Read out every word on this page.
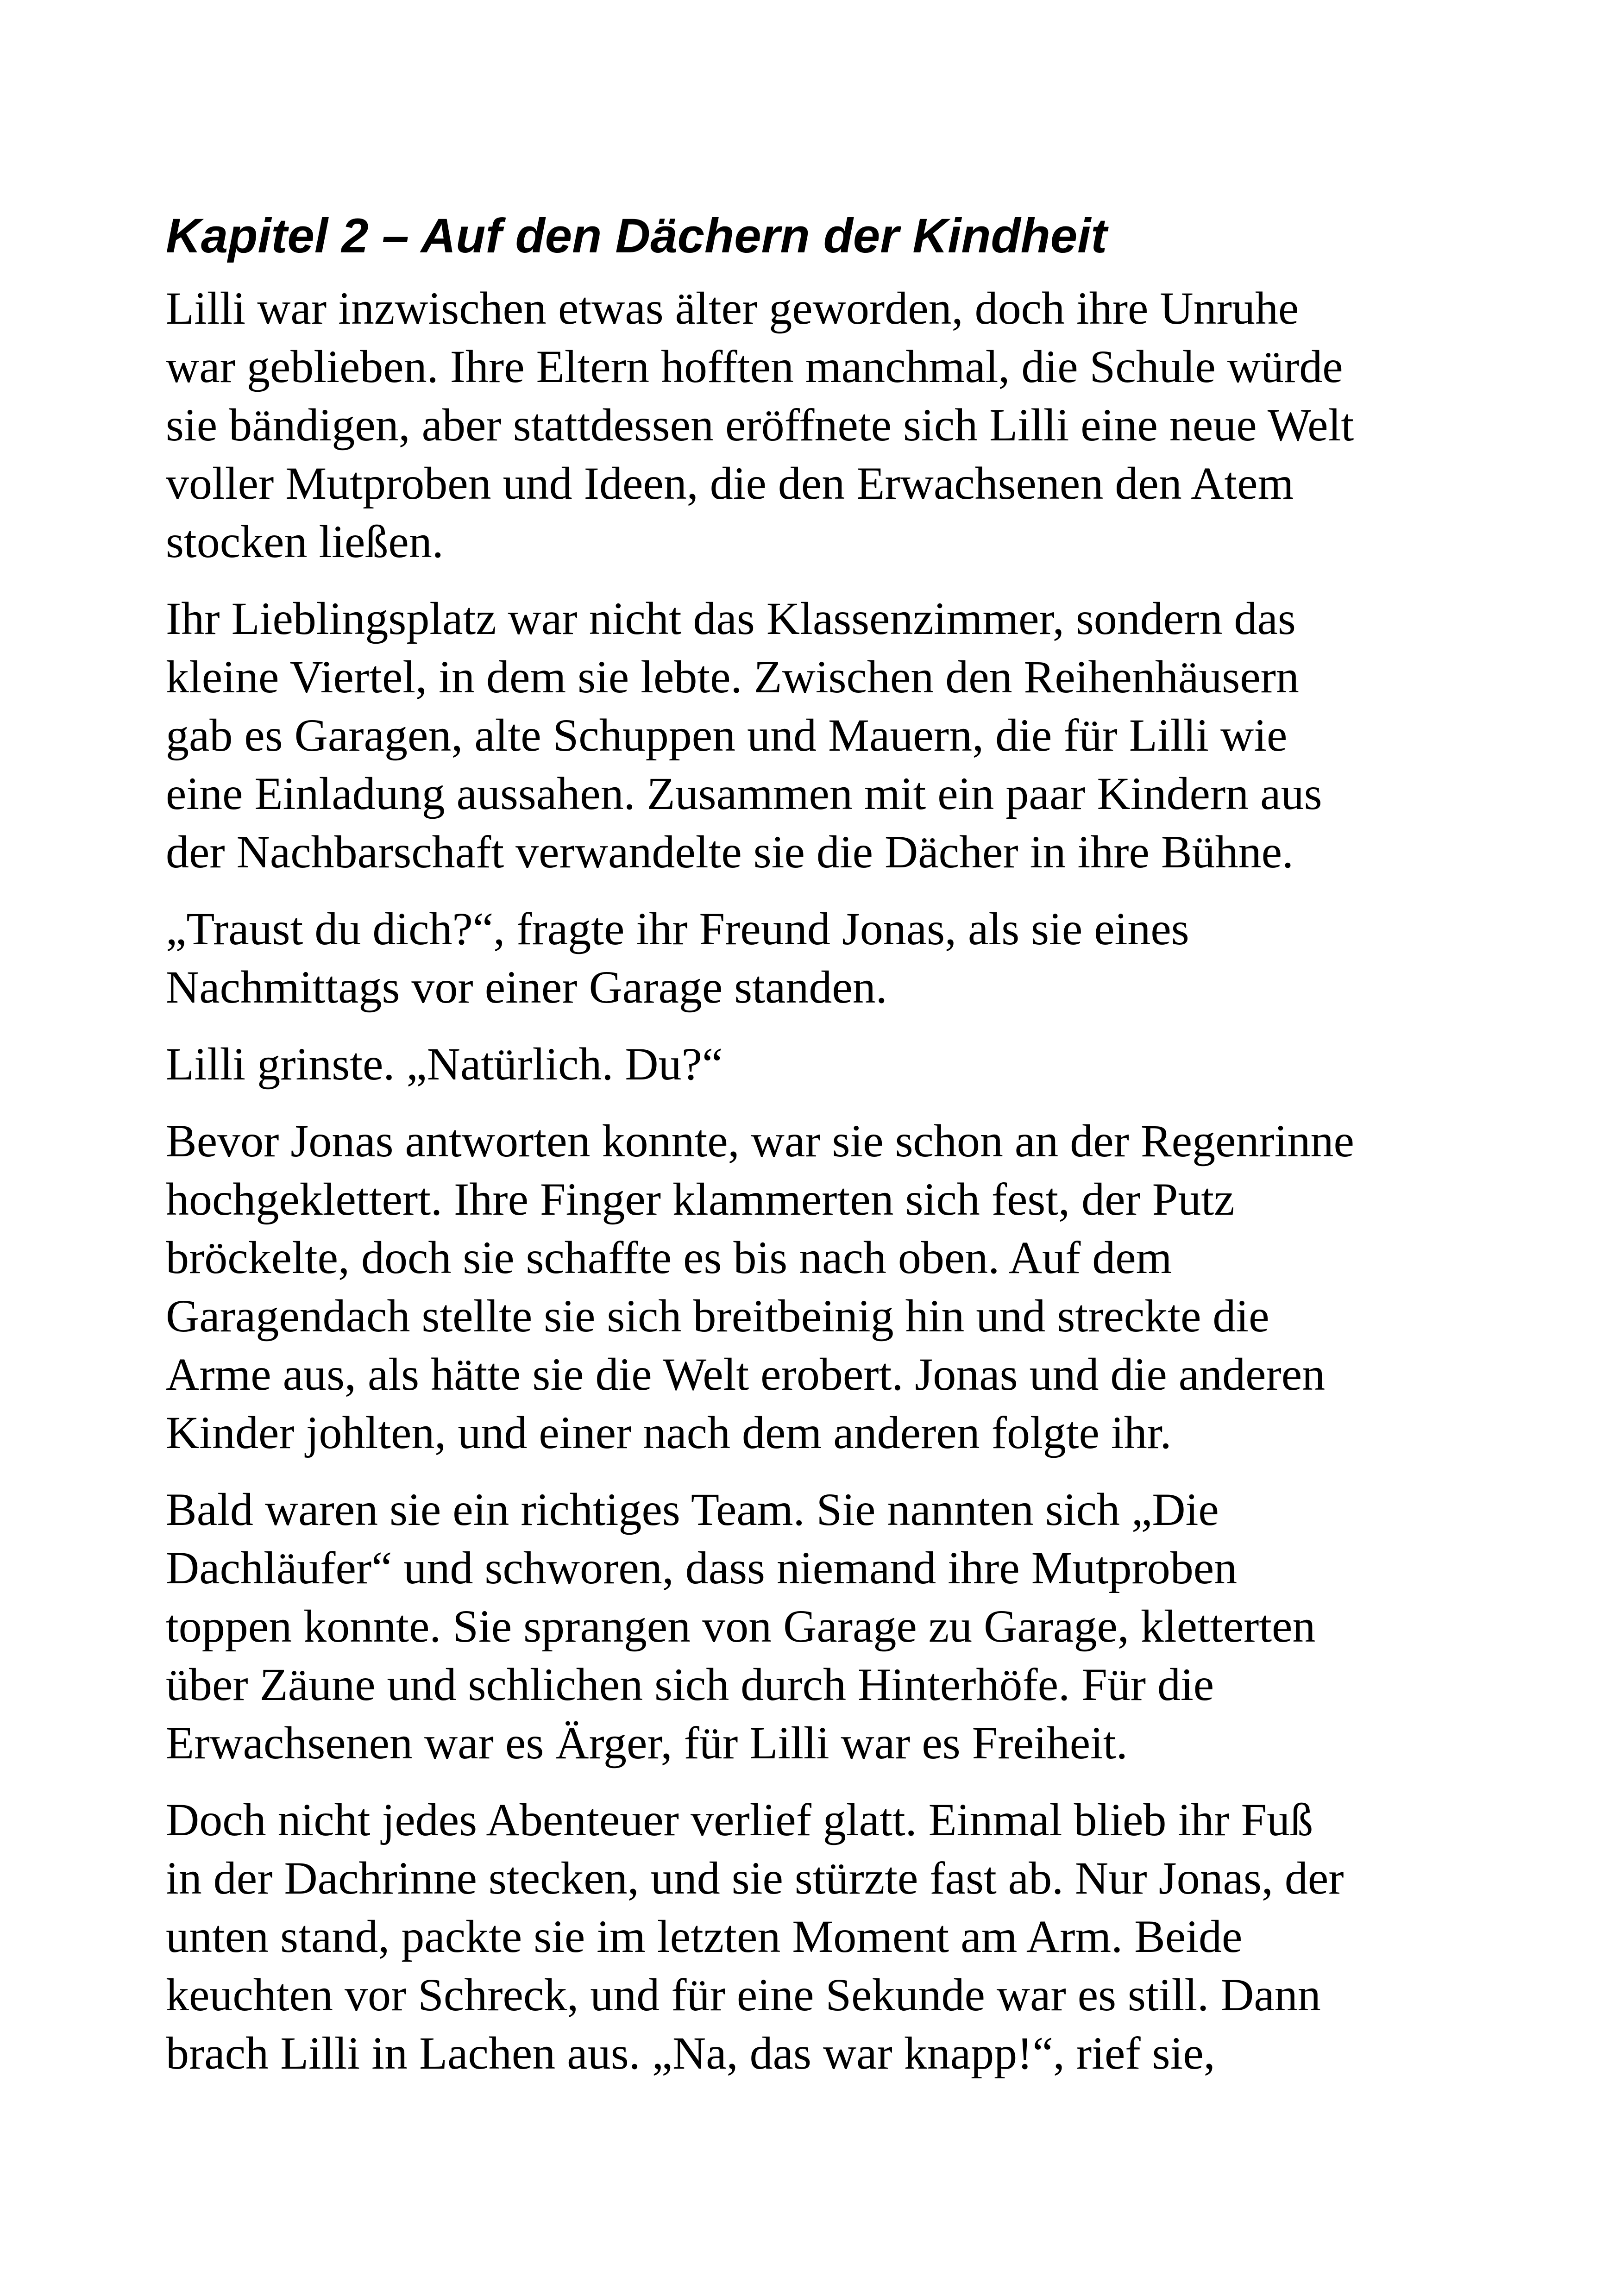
Kapitel 2 – Auf den Dächern der Kindheit

Lilli war inzwischen etwas älter geworden, doch ihre Unruhe
war geblieben. Ihre Eltern hofften manchmal, die Schule würde
sie bändigen, aber stattdessen eröffnete sich Lilli eine neue Welt
voller Mutproben und Ideen, die den Erwachsenen den Atem
stocken ließen.

Ihr Lieblingsplatz war nicht das Klassenzimmer, sondern das
kleine Viertel, in dem sie lebte. Zwischen den Reihenhäusern
gab es Garagen, alte Schuppen und Mauern, die für Lilli wie
eine Einladung aussahen. Zusammen mit ein paar Kindern aus
der Nachbarschaft verwandelte sie die Dächer in ihre Bühne.

„Traust du dich?“, fragte ihr Freund Jonas, als sie eines
Nachmittags vor einer Garage standen.

Lilli grinste. „Natürlich. Du?“

Bevor Jonas antworten konnte, war sie schon an der Regenrinne
hochgeklettert. Ihre Finger klammerten sich fest, der Putz
bröckelte, doch sie schaffte es bis nach oben. Auf dem
Garagendach stellte sie sich breitbeinig hin und streckte die
Arme aus, als hätte sie die Welt erobert. Jonas und die anderen
Kinder johlten, und einer nach dem anderen folgte ihr.

Bald waren sie ein richtiges Team. Sie nannten sich „Die
Dachläufer“ und schworen, dass niemand ihre Mutproben
toppen konnte. Sie sprangen von Garage zu Garage, kletterten
über Zäune und schlichen sich durch Hinterhöfe. Für die
Erwachsenen war es Ärger, für Lilli war es Freiheit.

Doch nicht jedes Abenteuer verlief glatt. Einmal blieb ihr Fuß
in der Dachrinne stecken, und sie stürzte fast ab. Nur Jonas, der
unten stand, packte sie im letzten Moment am Arm. Beide
keuchten vor Schreck, und für eine Sekunde war es still. Dann
brach Lilli in Lachen aus. „Na, das war knapp!“, rief sie,
